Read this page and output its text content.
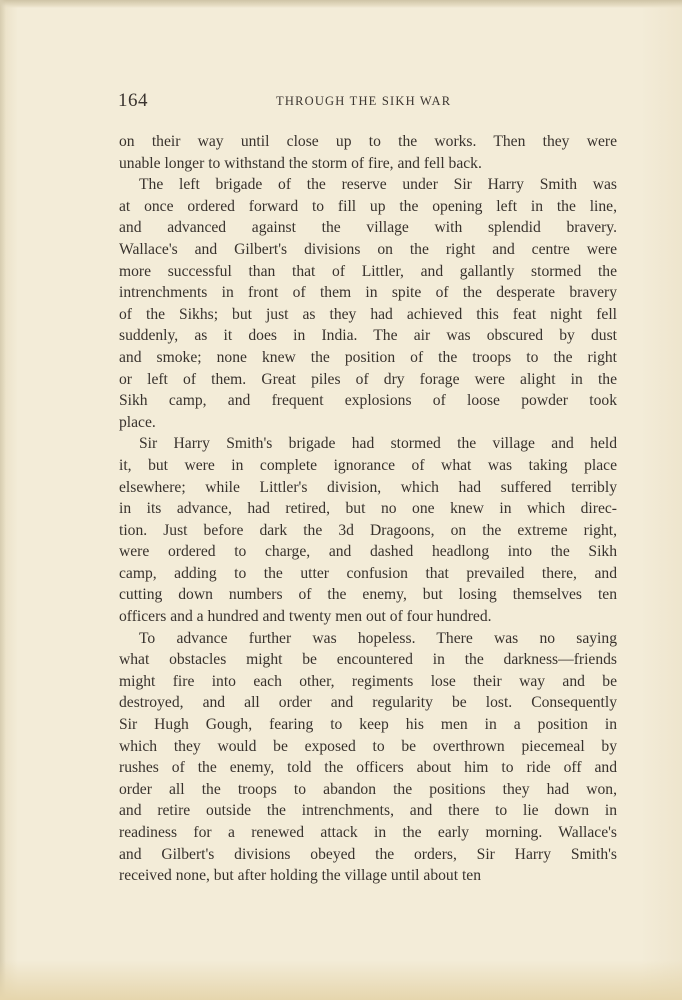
164	THROUGH THE SIKH WAR
on their way until close up to the works. Then they were
unable longer to withstand the storm of fire, and fell back.
The left brigade of the reserve under Sir Harry Smith was
at once ordered forward to fill up the opening left in the line,
and advanced against the village with splendid bravery.
Wallace's and Gilbert's divisions on the right and centre were
more successful than that of Littler, and gallantly stormed the
intrenchments in front of them in spite of the desperate bravery
of the Sikhs; but just as they had achieved this feat night fell
suddenly, as it does in India. The air was obscured by dust
and smoke; none knew the position of the troops to the right
or left of them. Great piles of dry forage were alight in the
Sikh camp, and frequent explosions of loose powder took
place.
Sir Harry Smith's brigade had stormed the village and held
it, but were in complete ignorance of what was taking place
elsewhere; while Littler's division, which had suffered terribly
in its advance, had retired, but no one knew in which direc-
tion. Just before dark the 3d Dragoons, on the extreme right,
were ordered to charge, and dashed headlong into the Sikh
camp, adding to the utter confusion that prevailed there, and
cutting down numbers of the enemy, but losing themselves ten
officers and a hundred and twenty men out of four hundred.
To advance further was hopeless. There was no saying
what obstacles might be encountered in the darkness—friends
might fire into each other, regiments lose their way and be
destroyed, and all order and regularity be lost. Consequently
Sir Hugh Gough, fearing to keep his men in a position in
which they would be exposed to be overthrown piecemeal by
rushes of the enemy, told the officers about him to ride off and
order all the troops to abandon the positions they had won,
and retire outside the intrenchments, and there to lie down in
readiness for a renewed attack in the early morning. Wallace's
and Gilbert's divisions obeyed the orders, Sir Harry Smith's
received none, but after holding the village until about ten
